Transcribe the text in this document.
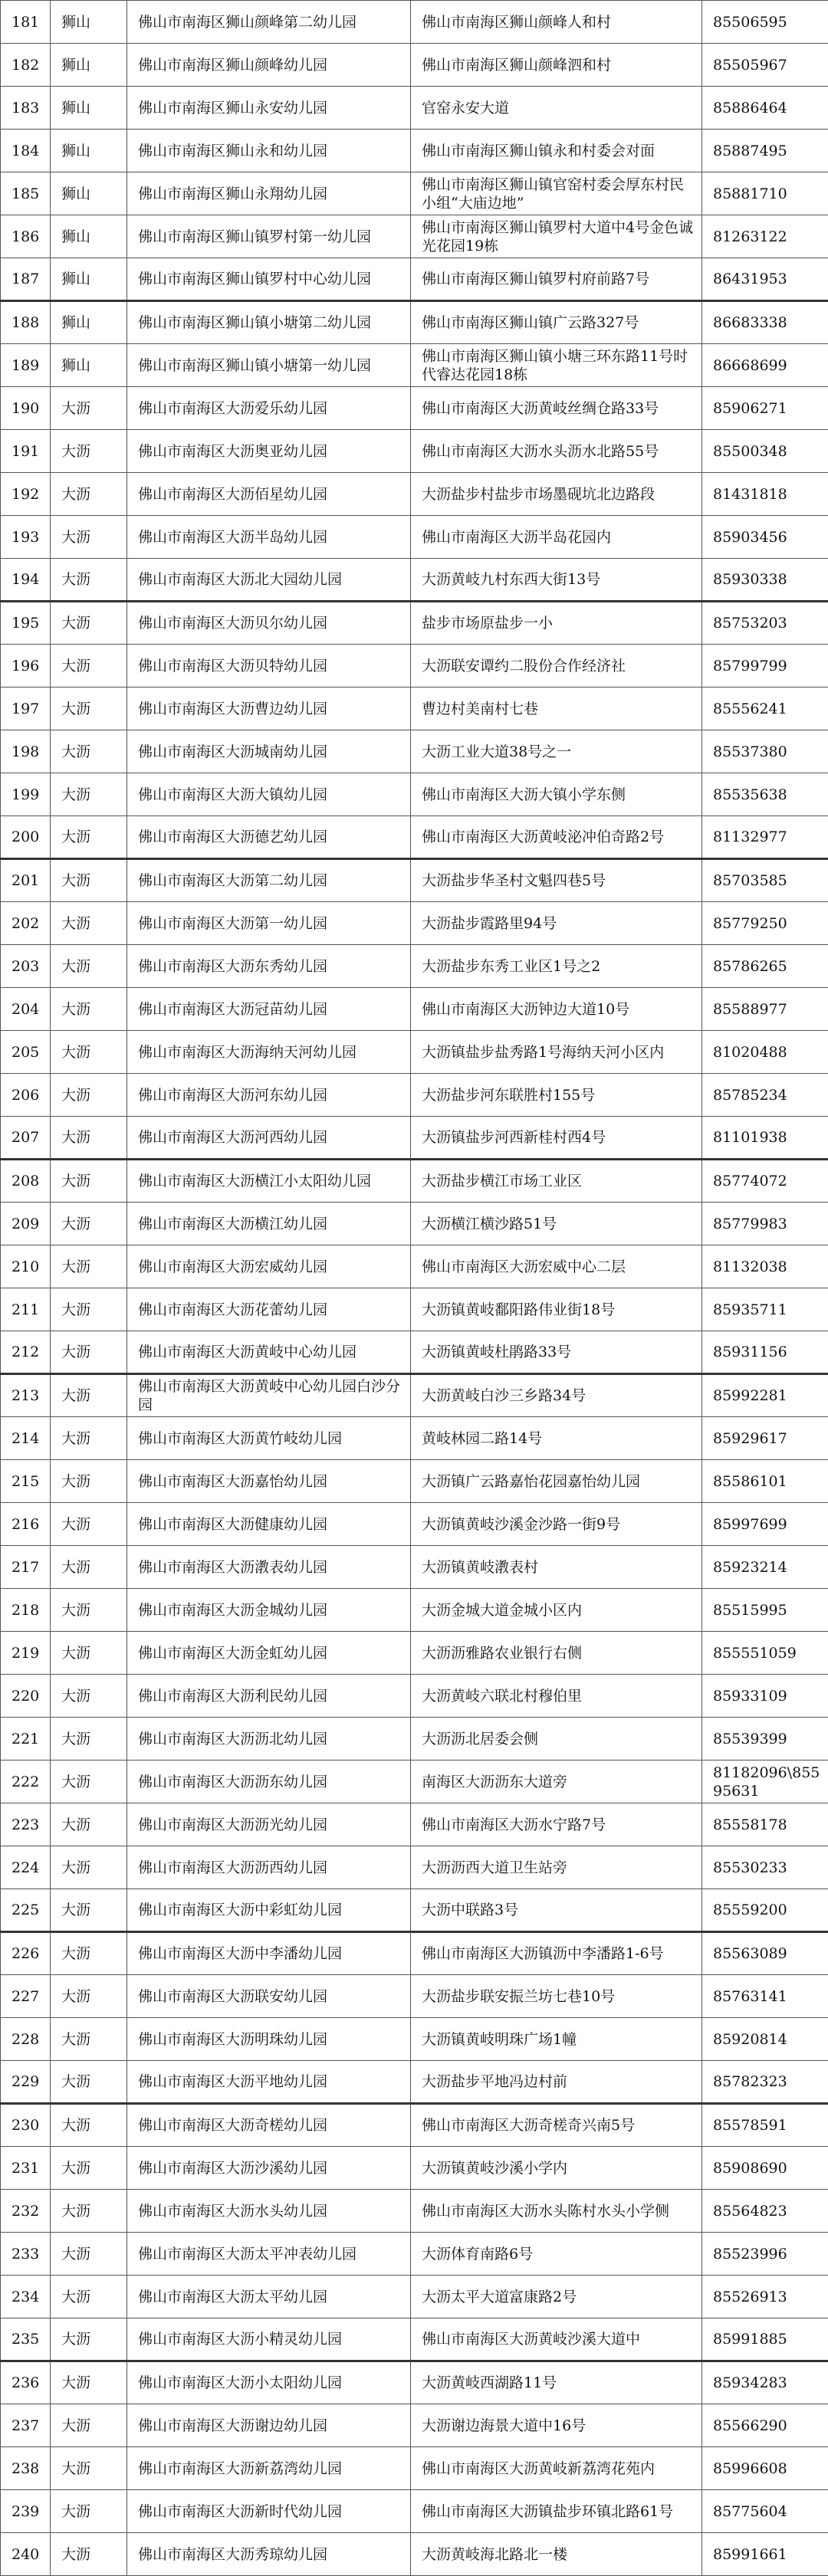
181	狮山	佛山市南海区狮山颜峰第二幼儿园	佛山市南海区狮山颜峰人和村	85506595
182	狮山	佛山市南海区狮山颜峰幼儿园	佛山市南海区狮山颜峰泗和村	85505967
183	狮山	佛山市南海区狮山永安幼儿园	官窑永安大道	85886464
184	狮山	佛山市南海区狮山永和幼儿园	佛山市南海区狮山镇永和村委会对面	85887495
185	狮山	佛山市南海区狮山永翔幼儿园	佛山市南海区狮山镇官窑村委会厚东村民小组“大庙边地”	85881710
186	狮山	佛山市南海区狮山镇罗村第一幼儿园	佛山市南海区狮山镇罗村大道中4号金色诚光花园19栋	81263122
187	狮山	佛山市南海区狮山镇罗村中心幼儿园	佛山市南海区狮山镇罗村府前路7号	86431953
188	狮山	佛山市南海区狮山镇小塘第二幼儿园	佛山市南海区狮山镇广云路327号	86683338
189	狮山	佛山市南海区狮山镇小塘第一幼儿园	佛山市南海区狮山镇小塘三环东路11号时代睿达花园18栋	86668699
190	大沥	佛山市南海区大沥爱乐幼儿园	佛山市南海区大沥黄岐丝绸仓路33号	85906271
191	大沥	佛山市南海区大沥奥亚幼儿园	佛山市南海区大沥水头沥水北路55号	85500348
192	大沥	佛山市南海区大沥佰星幼儿园	大沥盐步村盐步市场墨砚坑北边路段	81431818
193	大沥	佛山市南海区大沥半岛幼儿园	佛山市南海区大沥半岛花园内	85903456
194	大沥	佛山市南海区大沥北大园幼儿园	大沥黄岐九村东西大街13号	85930338
195	大沥	佛山市南海区大沥贝尔幼儿园	盐步市场原盐步一小	85753203
196	大沥	佛山市南海区大沥贝特幼儿园	大沥联安谭约二股份合作经济社	85799799
197	大沥	佛山市南海区大沥曹边幼儿园	曹边村美南村七巷	85556241
198	大沥	佛山市南海区大沥城南幼儿园	大沥工业大道38号之一	85537380
199	大沥	佛山市南海区大沥大镇幼儿园	佛山市南海区大沥大镇小学东侧	85535638
200	大沥	佛山市南海区大沥德艺幼儿园	佛山市南海区大沥黄岐泌冲伯奇路2号	81132977
201	大沥	佛山市南海区大沥第二幼儿园	大沥盐步华圣村文魁四巷5号	85703585
202	大沥	佛山市南海区大沥第一幼儿园	大沥盐步霞路里94号	85779250
203	大沥	佛山市南海区大沥东秀幼儿园	大沥盐步东秀工业区1号之2	85786265
204	大沥	佛山市南海区大沥冠苗幼儿园	佛山市南海区大沥钟边大道10号	85588977
205	大沥	佛山市南海区大沥海纳天河幼儿园	大沥镇盐步盐秀路1号海纳天河小区内	81020488
206	大沥	佛山市南海区大沥河东幼儿园	大沥盐步河东联胜村155号	85785234
207	大沥	佛山市南海区大沥河西幼儿园	大沥镇盐步河西新桂村西4号	81101938
208	大沥	佛山市南海区大沥横江小太阳幼儿园	大沥盐步横江市场工业区	85774072
209	大沥	佛山市南海区大沥横江幼儿园	大沥横江横沙路51号	85779983
210	大沥	佛山市南海区大沥宏威幼儿园	佛山市南海区大沥宏威中心二层	81132038
211	大沥	佛山市南海区大沥花蕾幼儿园	大沥镇黄岐鄱阳路伟业街18号	85935711
212	大沥	佛山市南海区大沥黄岐中心幼儿园	大沥镇黄岐杜鹃路33号	85931156
213	大沥	佛山市南海区大沥黄岐中心幼儿园白沙分园	大沥黄岐白沙三乡路34号	85992281
214	大沥	佛山市南海区大沥黄竹岐幼儿园	黄岐林园二路14号	85929617
215	大沥	佛山市南海区大沥嘉怡幼儿园	大沥镇广云路嘉怡花园嘉怡幼儿园	85586101
216	大沥	佛山市南海区大沥健康幼儿园	大沥镇黄岐沙溪金沙路一街9号	85997699
217	大沥	佛山市南海区大沥漖表幼儿园	大沥镇黄岐漖表村	85923214
218	大沥	佛山市南海区大沥金城幼儿园	大沥金城大道金城小区内	85515995
219	大沥	佛山市南海区大沥金虹幼儿园	大沥沥雅路农业银行右侧	855551059
220	大沥	佛山市南海区大沥利民幼儿园	大沥黄岐六联北村穆伯里	85933109
221	大沥	佛山市南海区大沥沥北幼儿园	大沥沥北居委会侧	85539399
222	大沥	佛山市南海区大沥沥东幼儿园	南海区大沥沥东大道旁	81182096\85595631
223	大沥	佛山市南海区大沥沥光幼儿园	佛山市南海区大沥水宁路7号	85558178
224	大沥	佛山市南海区大沥沥西幼儿园	大沥沥西大道卫生站旁	85530233
225	大沥	佛山市南海区大沥中彩虹幼儿园	大沥中联路3号	85559200
226	大沥	佛山市南海区大沥中李潘幼儿园	佛山市南海区大沥镇沥中李潘路1-6号	85563089
227	大沥	佛山市南海区大沥联安幼儿园	大沥盐步联安振兰坊七巷10号	85763141
228	大沥	佛山市南海区大沥明珠幼儿园	大沥镇黄岐明珠广场1幢	85920814
229	大沥	佛山市南海区大沥平地幼儿园	大沥盐步平地冯边村前	85782323
230	大沥	佛山市南海区大沥奇槎幼儿园	佛山市南海区大沥奇槎奇兴南5号	85578591
231	大沥	佛山市南海区大沥沙溪幼儿园	大沥镇黄岐沙溪小学内	85908690
232	大沥	佛山市南海区大沥水头幼儿园	佛山市南海区大沥水头陈村水头小学侧	85564823
233	大沥	佛山市南海区大沥太平冲表幼儿园	大沥体育南路6号	85523996
234	大沥	佛山市南海区大沥太平幼儿园	大沥太平大道富康路2号	85526913
235	大沥	佛山市南海区大沥小精灵幼儿园	佛山市南海区大沥黄岐沙溪大道中	85991885
236	大沥	佛山市南海区大沥小太阳幼儿园	大沥黄岐西湖路11号	85934283
237	大沥	佛山市南海区大沥谢边幼儿园	大沥谢边海景大道中16号	85566290
238	大沥	佛山市南海区大沥新荔湾幼儿园	佛山市南海区大沥黄岐新荔湾花苑内	85996608
239	大沥	佛山市南海区大沥新时代幼儿园	佛山市南海区大沥镇盐步环镇北路61号	85775604
240	大沥	佛山市南海区大沥秀琼幼儿园	大沥黄岐海北路北一楼	85991661
